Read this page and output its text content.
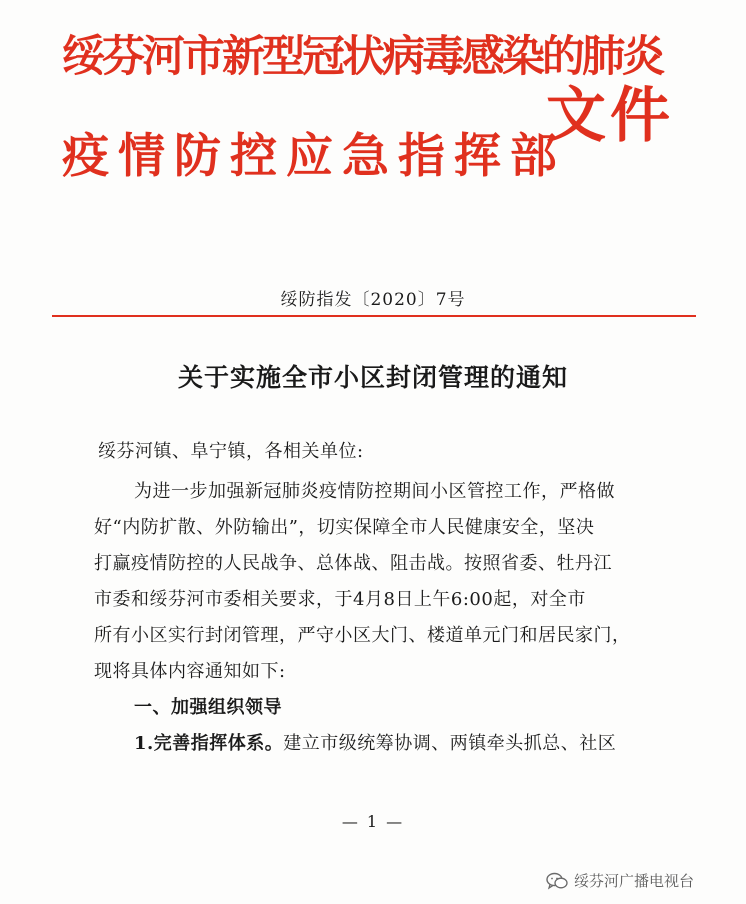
绥芬河市新型冠状病毒感染的肺炎
疫情防控应急指挥部
文件
绥防指发〔2020〕7号
关于实施全市小区封闭管理的通知
绥芬河镇、阜宁镇，各相关单位:
为进一步加强新冠肺炎疫情防控期间小区管控工作，严格做
好“内防扩散、外防输出”，切实保障全市人民健康安全，坚决
打赢疫情防控的人民战争、总体战、阻击战。按照省委、牡丹江
市委和绥芬河市委相关要求，于4月8日上午6:00起，对全市
所有小区实行封闭管理，严守小区大门、楼道单元门和居民家门，
现将具体内容通知如下:
一、加强组织领导
1.完善指挥体系。建立市级统筹协调、两镇牵头抓总、社区
— 1 —
绥芬河广播电视台
